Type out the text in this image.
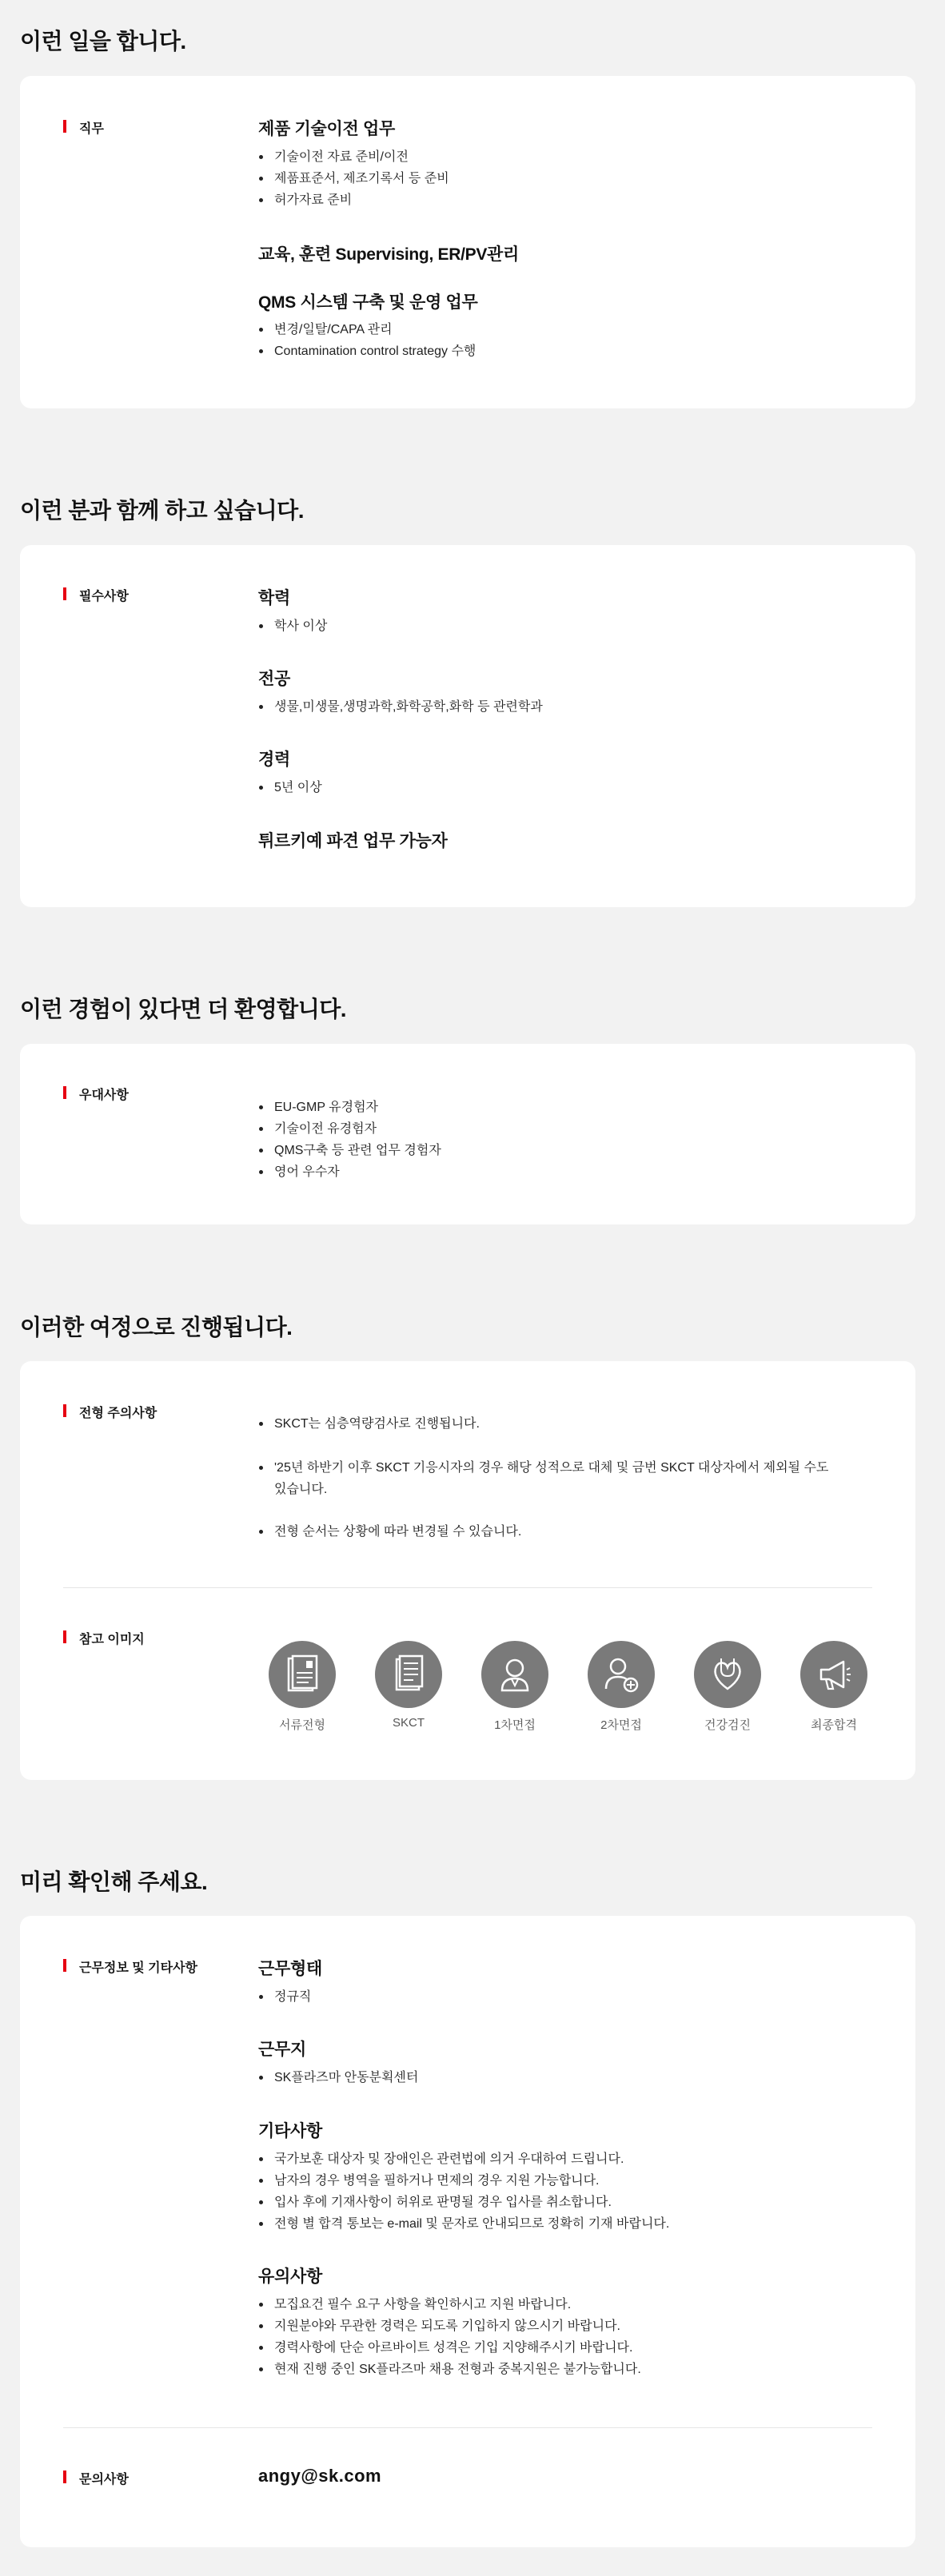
이런 일을 합니다.
직무	제품 기술이전 업무
기술이전 자료 준비/이전
제품표준서, 제조기록서 등 준비
허가자료 준비
교육, 훈련 Supervising, ER/PV관리
QMS 시스템 구축 및 운영 업무
변경/일탈/CAPA 관리
Contamination control strategy 수행
이런 분과 함께 하고 싶습니다.
필수사항	학력
학사 이상
전공
생물,미생물,생명과학,화학공학,화학 등 관련학과
경력
5년 이상
튀르키예 파견 업무 가능자
이런 경험이 있다면 더 환영합니다.
우대사항
EU-GMP 유경험자
기술이전 유경험자
QMS구축 등 관련 업무 경험자
영어 우수자
이러한 여정으로 진행됩니다.
전형 주의사항
SKCT는 심층역량검사로 진행됩니다.
'25년 하반기 이후 SKCT 기응시자의 경우 해당 성적으로 대체 및 금번 SKCT 대상자에서 제외될 수도 있습니다.
전형 순서는 상황에 따라 변경될 수 있습니다.
참고 이미지
서류전형	SKCT	1차면접	2차면접	건강검진	최종합격
미리 확인해 주세요.
근무정보 및 기타사항	근무형태
정규직
근무지
SK플라즈마 안동분획센터
기타사항
국가보훈 대상자 및 장애인은 관련법에 의거 우대하여 드립니다.
남자의 경우 병역을 필하거나 면제의 경우 지원 가능합니다.
입사 후에 기재사항이 허위로 판명될 경우 입사를 취소합니다.
전형 별 합격 통보는 e-mail 및 문자로 안내되므로 정확히 기재 바랍니다.
유의사항
모집요건 필수 요구 사항을 확인하시고 지원 바랍니다.
지원분야와 무관한 경력은 되도록 기입하지 않으시기 바랍니다.
경력사항에 단순 아르바이트 성격은 기입 지양해주시기 바랍니다.
현재 진행 중인 SK플라즈마 채용 전형과 중복지원은 불가능합니다.
문의사항	angy@sk.com
